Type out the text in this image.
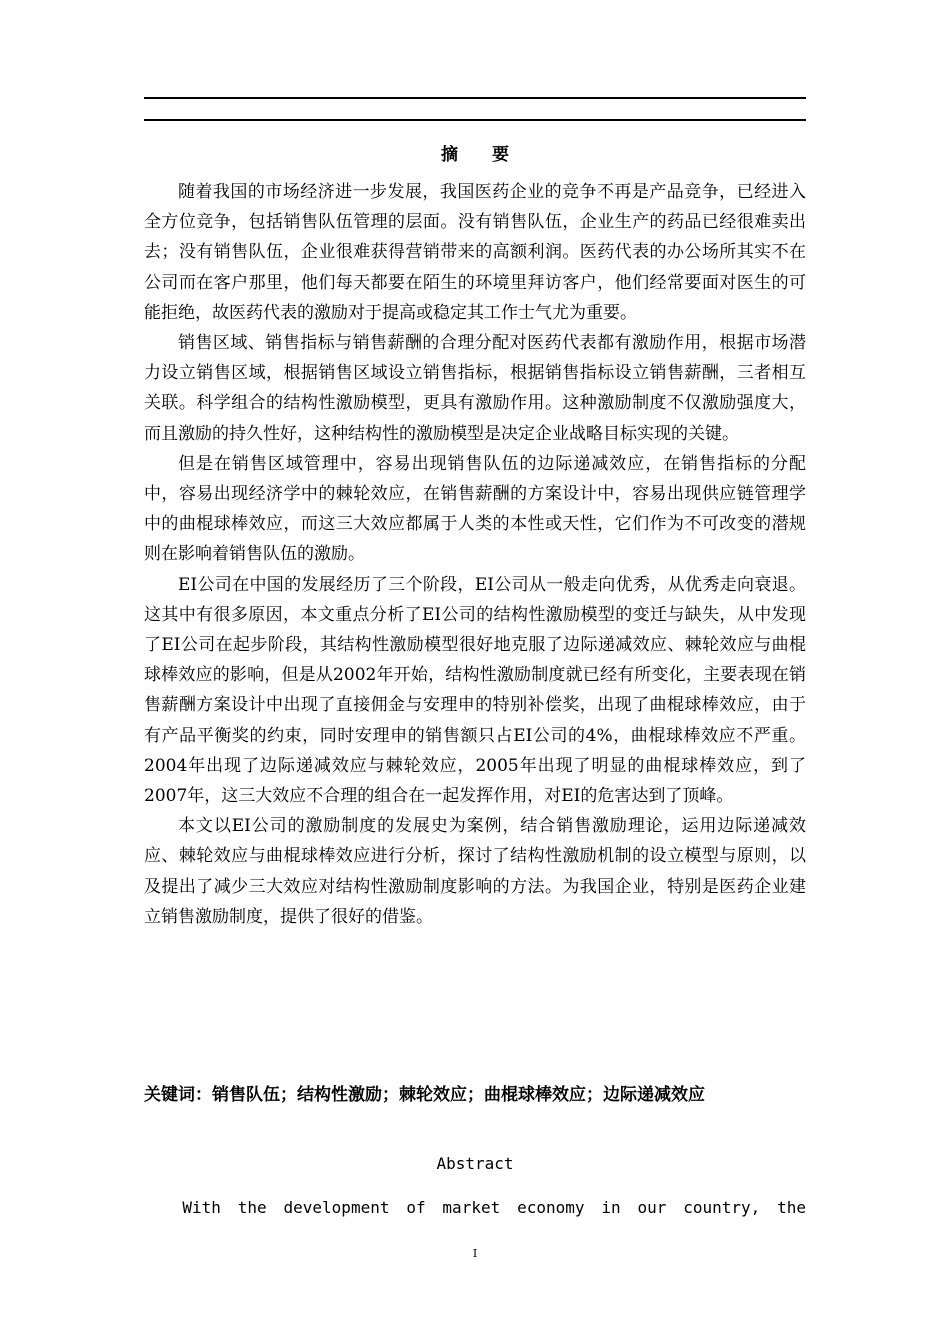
摘 要

随着我国的市场经济进一步发展，我国医药企业的竞争不再是产品竞争，已经进入全方位竞争，包括销售队伍管理的层面。没有销售队伍，企业生产的药品已经很难卖出去；没有销售队伍，企业很难获得营销带来的高额利润。医药代表的办公场所其实不在公司而在客户那里，他们每天都要在陌生的环境里拜访客户，他们经常要面对医生的可能拒绝，故医药代表的激励对于提高或稳定其工作士气尤为重要。

销售区域、销售指标与销售薪酬的合理分配对医药代表都有激励作用，根据市场潜力设立销售区域，根据销售区域设立销售指标，根据销售指标设立销售薪酬，三者相互关联。科学组合的结构性激励模型，更具有激励作用。这种激励制度不仅激励强度大，而且激励的持久性好，这种结构性的激励模型是决定企业战略目标实现的关键。

但是在销售区域管理中，容易出现销售队伍的边际递减效应，在销售指标的分配中，容易出现经济学中的棘轮效应，在销售薪酬的方案设计中，容易出现供应链管理学中的曲棍球棒效应，而这三大效应都属于人类的本性或天性，它们作为不可改变的潜规则在影响着销售队伍的激励。

EI公司在中国的发展经历了三个阶段，EI公司从一般走向优秀，从优秀走向衰退。这其中有很多原因，本文重点分析了EI公司的结构性激励模型的变迁与缺失，从中发现了EI公司在起步阶段，其结构性激励模型很好地克服了边际递减效应、棘轮效应与曲棍球棒效应的影响，但是从2002年开始，结构性激励制度就已经有所变化，主要表现在销售薪酬方案设计中出现了直接佣金与安理申的特别补偿奖，出现了曲棍球棒效应，由于有产品平衡奖的约束，同时安理申的销售额只占EI公司的4%，曲棍球棒效应不严重。2004年出现了边际递减效应与棘轮效应，2005年出现了明显的曲棍球棒效应，到了2007年，这三大效应不合理的组合在一起发挥作用，对EI的危害达到了顶峰。

本文以EI公司的激励制度的发展史为案例，结合销售激励理论，运用边际递减效应、棘轮效应与曲棍球棒效应进行分析，探讨了结构性激励机制的设立模型与原则，以及提出了减少三大效应对结构性激励制度影响的方法。为我国企业，特别是医药企业建立销售激励制度，提供了很好的借鉴。

关键词：销售队伍；结构性激励；棘轮效应；曲棍球棒效应；边际递减效应
Abstract
With the development of market economy in our country, the
I
